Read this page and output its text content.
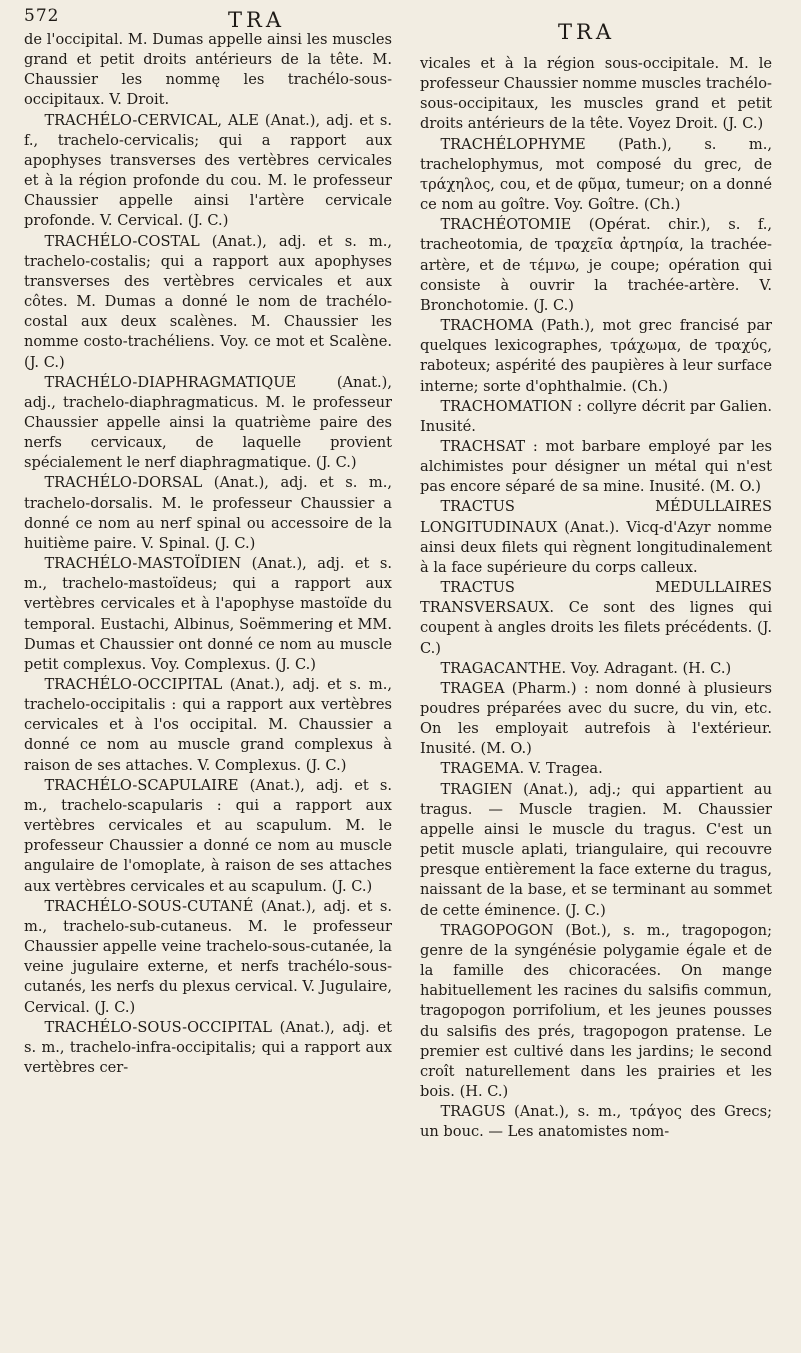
572	TRA	TRA

de l'occipital. M. Dumas appelle ainsi les muscles grand et petit droits antérieurs de la tête. M. Chaussier les nommę les trachélo-sous-occipitaux. V. Droit.

TRACHÉLO-CERVICAL, ALE (Anat.), adj. et s. f., trachelo-cervicalis; qui a rapport aux apophyses transverses des vertèbres cervicales et à la région profonde du cou. M. le professeur Chaussier appelle ainsi l'artère cervicale profonde. V. Cervical. (J. C.)

TRACHÉLO-COSTAL (Anat.), adj. et s. m., trachelo-costalis; qui a rapport aux apophyses transverses des vertèbres cervicales et aux côtes. M. Dumas a donné le nom de trachélo-costal aux deux scalènes. M. Chaussier les nomme costo-trachéliens. Voy. ce mot et Scalène. (J. C.)

TRACHÉLO-DIAPHRAGMATIQUE (Anat.), adj., trachelo-diaphragmaticus. M. le professeur Chaussier appelle ainsi la quatrième paire des nerfs cervicaux, de laquelle provient spécialement le nerf diaphragmatique. (J. C.)

TRACHÉLO-DORSAL (Anat.), adj. et s. m., trachelo-dorsalis. M. le professeur Chaussier a donné ce nom au nerf spinal ou accessoire de la huitième paire. V. Spinal. (J. C.)

TRACHÉLO-MASTOÏDIEN (Anat.), adj. et s. m., trachelo-mastoïdeus; qui a rapport aux vertèbres cervicales et à l'apophyse mastoïde du temporal. Eustachi, Albinus, Soëmmering et MM. Dumas et Chaussier ont donné ce nom au muscle petit complexus. Voy. Complexus. (J. C.)

TRACHÉLO-OCCIPITAL (Anat.), adj. et s. m., trachelo-occipitalis : qui a rapport aux vertèbres cervicales et à l'os occipital. M. Chaussier a donné ce nom au muscle grand complexus à raison de ses attaches. V. Complexus. (J. C.)

TRACHÉLO-SCAPULAIRE (Anat.), adj. et s. m., trachelo-scapularis : qui a rapport aux vertèbres cervicales et au scapulum. M. le professeur Chaussier a donné ce nom au muscle angulaire de l'omoplate, à raison de ses attaches aux vertèbres cervicales et au scapulum. (J. C.)

TRACHÉLO-SOUS-CUTANÉ (Anat.), adj. et s. m., trachelo-sub-cutaneus. M. le professeur Chaussier appelle veine trachelo-sous-cutanée, la veine jugulaire externe, et nerfs trachélo-sous-cutanés, les nerfs du plexus cervical. V. Jugulaire, Cervical. (J. C.)

TRACHÉLO-SOUS-OCCIPITAL (Anat.), adj. et s. m., trachelo-infra-occipitalis; qui a rapport aux vertèbres cer-

vicales et à la région sous-occipitale. M. le professeur Chaussier nomme muscles trachélo-sous-occipitaux, les muscles grand et petit droits antérieurs de la tête. Voyez Droit. (J. C.)

TRACHÉLOPHYME (Path.), s. m., trachelophymus, mot composé du grec, de τράχηλος, cou, et de φῦμα, tumeur; on a donné ce nom au goître. Voy. Goître. (Ch.)

TRACHÉOTOMIE (Opérat. chir.), s. f., tracheotomia, de τραχεῖα ἀρτηρία, la trachée-artère, et de τέμνω, je coupe; opération qui consiste à ouvrir la trachée-artère. V. Bronchotomie. (J. C.)

TRACHOMA (Path.), mot grec francisé par quelques lexicographes, τράχωμα, de τραχύς, raboteux; aspérité des paupières à leur surface interne; sorte d'ophthalmie. (Ch.)

TRACHOMATION : collyre décrit par Galien. Inusité.

TRACHSAT : mot barbare employé par les alchimistes pour désigner un métal qui n'est pas encore séparé de sa mine. Inusité. (M. O.)

TRACTUS MÉDULLAIRES LONGITUDINAUX (Anat.). Vicq-d'Azyr nomme ainsi deux filets qui règnent longitudinalement à la face supérieure du corps calleux.

TRACTUS MEDULLAIRES TRANSVERSAUX. Ce sont des lignes qui coupent à angles droits les filets précédents. (J. C.)

TRAGACANTHE. Voy. Adragant. (H. C.)

TRAGEA (Pharm.) : nom donné à plusieurs poudres préparées avec du sucre, du vin, etc. On les employait autrefois à l'extérieur. Inusité. (M. O.)

TRAGEMA. V. Tragea.

TRAGIEN (Anat.), adj.; qui appartient au tragus. — Muscle tragien. M. Chaussier appelle ainsi le muscle du tragus. C'est un petit muscle aplati, triangulaire, qui recouvre presque entièrement la face externe du tragus, naissant de la base, et se terminant au sommet de cette éminence. (J. C.)

TRAGOPOGON (Bot.), s. m., tragopogon; genre de la syngénésie polygamie égale et de la famille des chicoracées. On mange habituellement les racines du salsifis commun, tragopogon porrifolium, et les jeunes pousses du salsifis des prés, tragopogon pratense. Le premier est cultivé dans les jardins; le second croît naturellement dans les prairies et les bois. (H. C.)

TRAGUS (Anat.), s. m., τράγος des Grecs; un bouc. — Les anatomistes nom-
